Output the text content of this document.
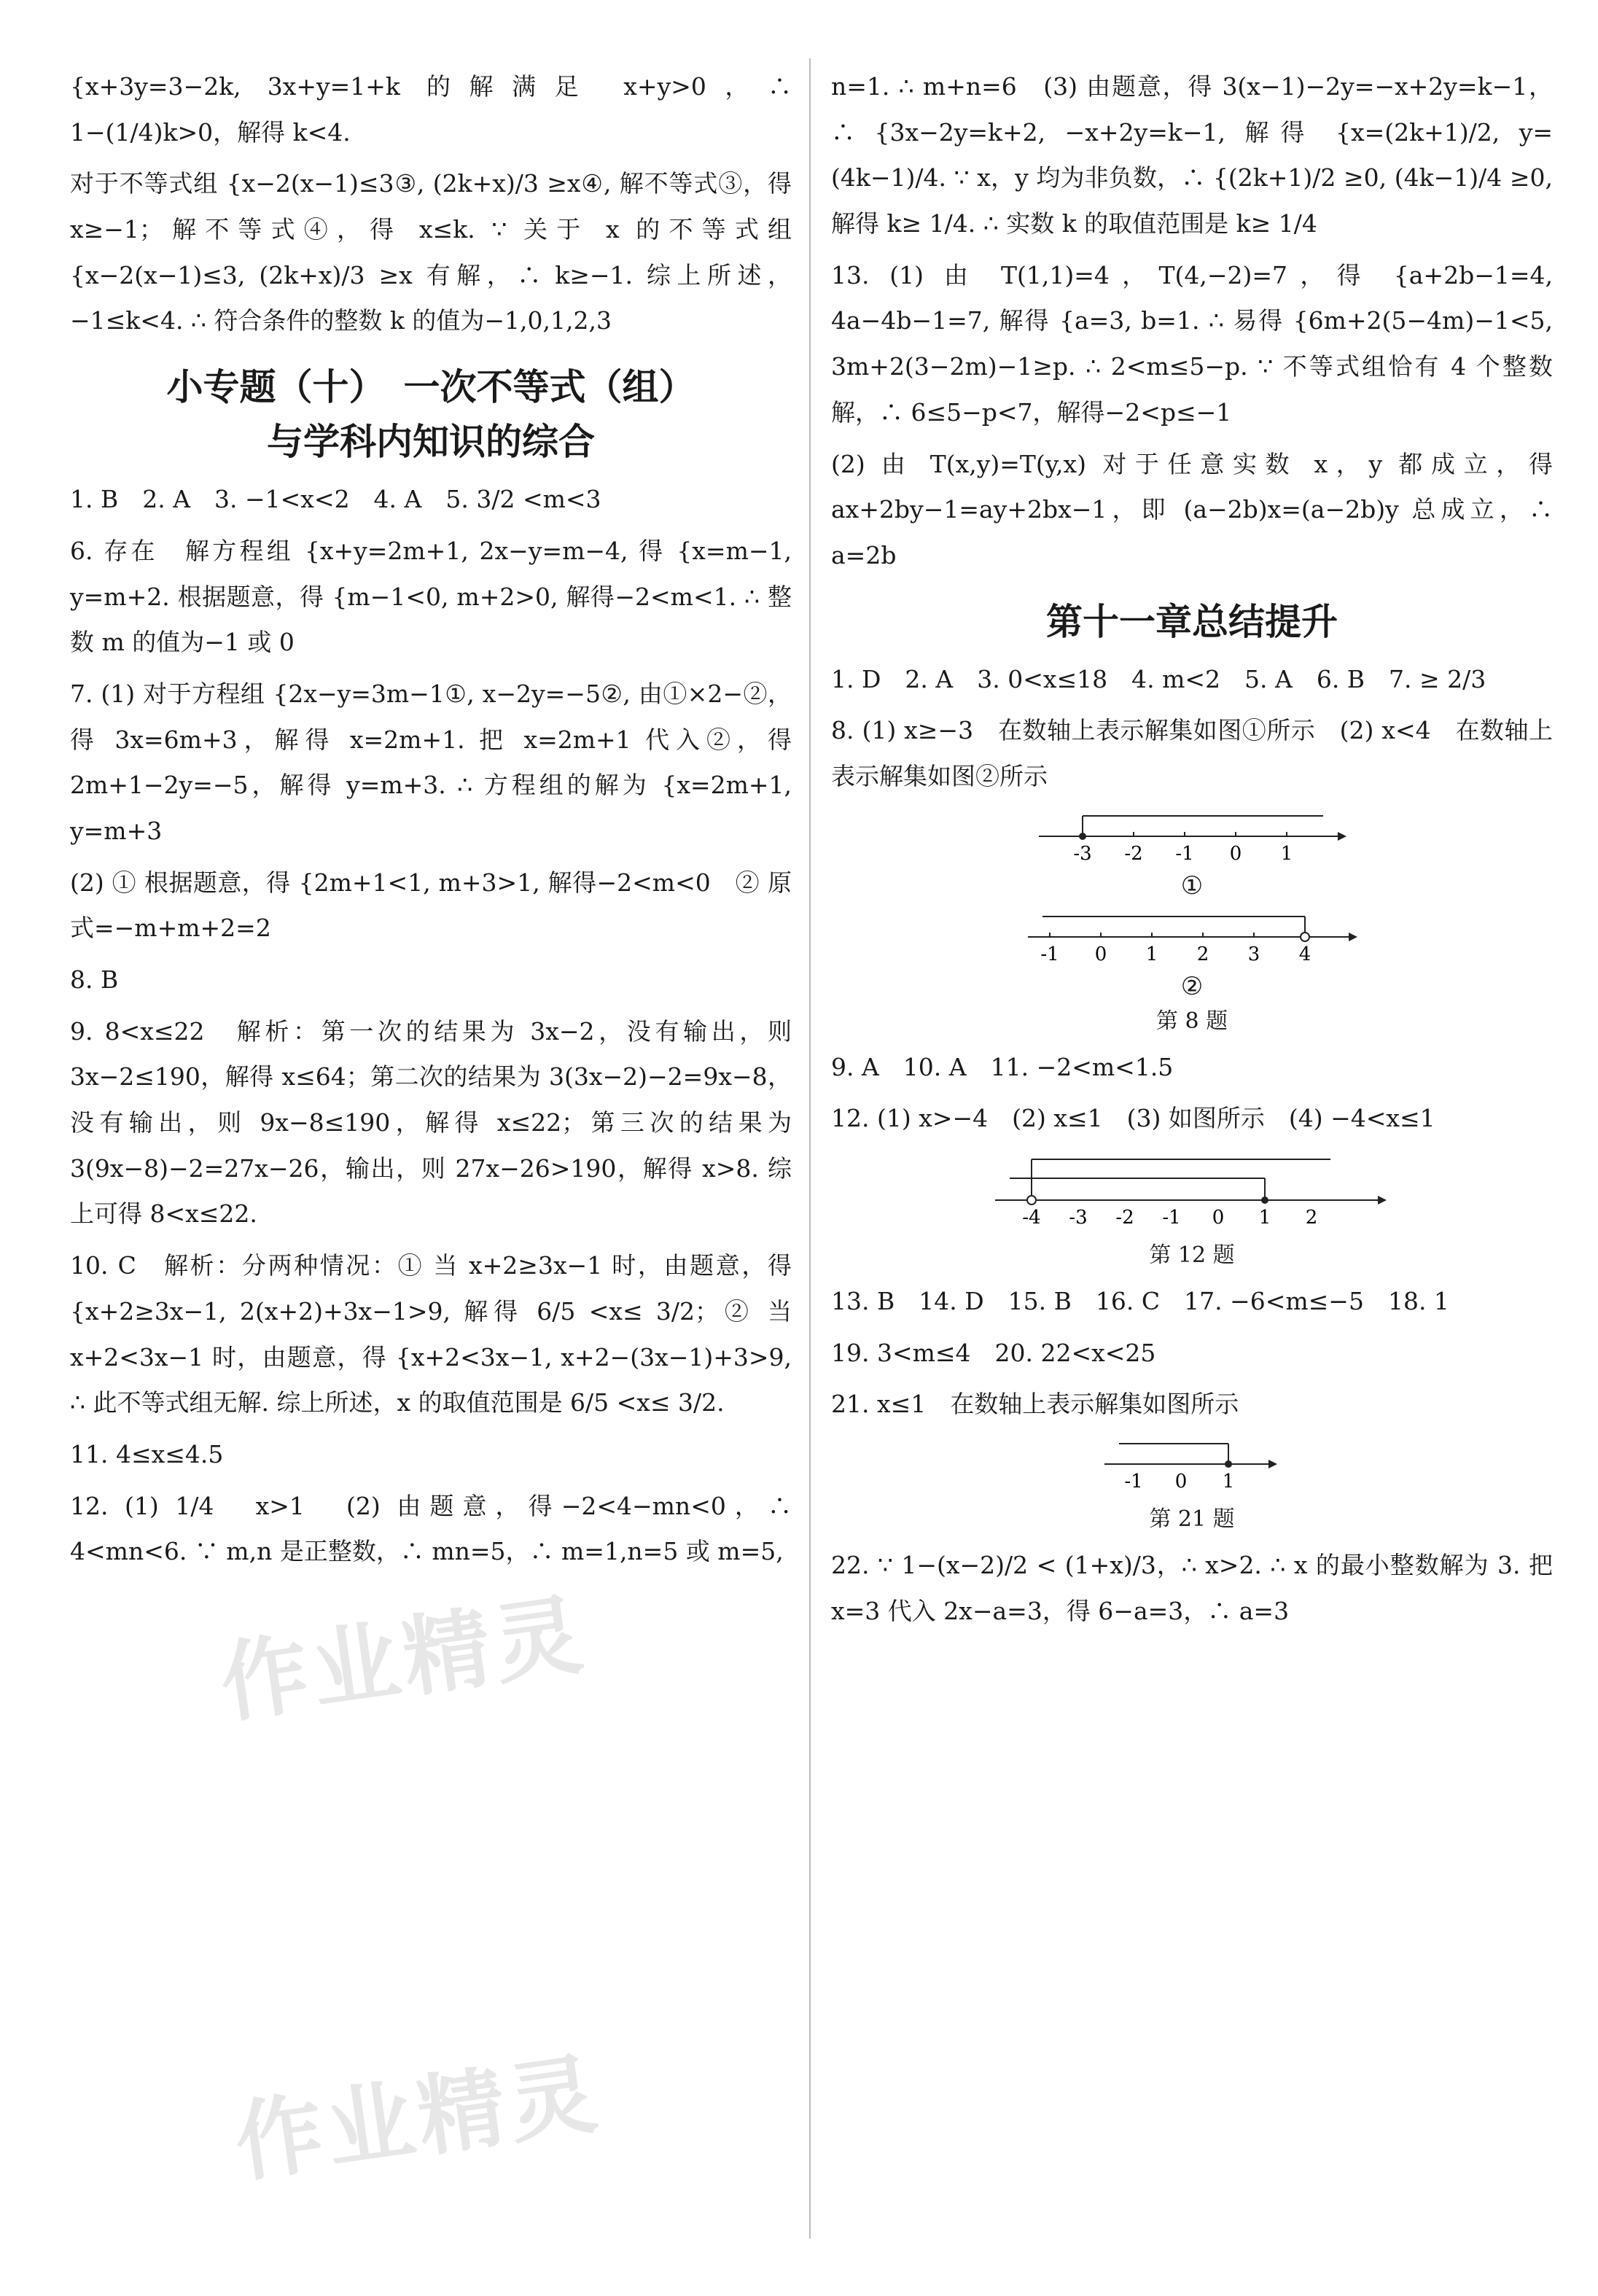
{x+3y=3−2k, 3x+y=1+k 的解满足 x+y>0，∴ 1−(1/4)k>0，解得 k<4.

对于不等式组 {x−2(x−1)≤3③, (2k+x)/3 ≥x④, 解不等式③，得 x≥−1；解不等式④，得 x≤k. ∵ 关于 x 的不等式组 {x−2(x−1)≤3, (2k+x)/3 ≥x 有解，∴ k≥−1. 综上所述，−1≤k<4. ∴ 符合条件的整数 k 的值为−1,0,1,2,3

小专题（十）　一次不等式（组）
与学科内知识的综合

1. B　2. A　3. −1<x<2　4. A　5. 3/2 <m<3

6. 存在　解方程组 {x+y=2m+1, 2x−y=m−4, 得 {x=m−1, y=m+2. 根据题意，得 {m−1<0, m+2>0, 解得−2<m<1. ∴ 整数 m 的值为−1 或 0

7. (1) 对于方程组 {2x−y=3m−1①, x−2y=−5②, 由①×2−②，得 3x=6m+3，解得 x=2m+1. 把 x=2m+1 代入②，得 2m+1−2y=−5，解得 y=m+3. ∴ 方程组的解为 {x=2m+1, y=m+3

(2) ① 根据题意，得 {2m+1<1, m+3>1, 解得−2<m<0　② 原式=−m+m+2=2

8. B

9. 8<x≤22　解析：第一次的结果为 3x−2，没有输出，则 3x−2≤190，解得 x≤64；第二次的结果为 3(3x−2)−2=9x−8，没有输出，则 9x−8≤190，解得 x≤22；第三次的结果为 3(9x−8)−2=27x−26，输出，则 27x−26>190，解得 x>8. 综上可得 8<x≤22.

10. C　解析：分两种情况：① 当 x+2≥3x−1 时，由题意，得 {x+2≥3x−1, 2(x+2)+3x−1>9, 解得 6/5 <x≤ 3/2；② 当 x+2<3x−1 时，由题意，得 {x+2<3x−1, x+2−(3x−1)+3>9, ∴ 此不等式组无解. 综上所述，x 的取值范围是 6/5 <x≤ 3/2.

11. 4≤x≤4.5

12. (1) 1/4　x>1　(2) 由题意，得−2<4−mn<0，∴ 4<mn<6. ∵ m,n 是正整数，∴ mn=5，∴ m=1,n=5 或 m=5,

n=1. ∴ m+n=6　(3) 由题意，得 3(x−1)−2y=−x+2y=k−1，∴ {3x−2y=k+2, −x+2y=k−1, 解得 {x=(2k+1)/2, y=(4k−1)/4. ∵ x，y 均为非负数，∴ {(2k+1)/2 ≥0, (4k−1)/4 ≥0, 解得 k≥ 1/4. ∴ 实数 k 的取值范围是 k≥ 1/4

13. (1) 由 T(1,1)=4，T(4,−2)=7，得 {a+2b−1=4, 4a−4b−1=7, 解得 {a=3, b=1. ∴ 易得 {6m+2(5−4m)−1<5, 3m+2(3−2m)−1≥p. ∴ 2<m≤5−p. ∵ 不等式组恰有 4 个整数解，∴ 6≤5−p<7，解得−2<p≤−1

(2) 由 T(x,y)=T(y,x) 对于任意实数 x，y 都成立，得 ax+2by−1=ay+2bx−1，即 (a−2b)x=(a−2b)y 总成立，∴ a=2b

第十一章总结提升

1. D　2. A　3. 0<x≤18　4. m<2　5. A　6. B　7. ≥ 2/3

8. (1) x≥−3　在数轴上表示解集如图①所示　(2) x<4　在数轴上表示解集如图②所示

-3 -2 -1 0 1
①
-1 0 1 2 3 4
②
第 8 题

9. A　10. A　11. −2<m<1.5

12. (1) x>−4　(2) x≤1　(3) 如图所示　(4) −4<x≤1

-4 -3 -2 -1 0 1 2
第 12 题

13. B　14. D　15. B　16. C　17. −6<m≤−5　18. 1

19. 3<m≤4　20. 22<x<25

21. x≤1　在数轴上表示解集如图所示

-1 0 1
第 21 题

22. ∵ 1−(x−2)/2 < (1+x)/3，∴ x>2. ∴ x 的最小整数解为 3. 把 x=3 代入 2x−a=3，得 6−a=3，∴ a=3

作业精灵
作业精灵
